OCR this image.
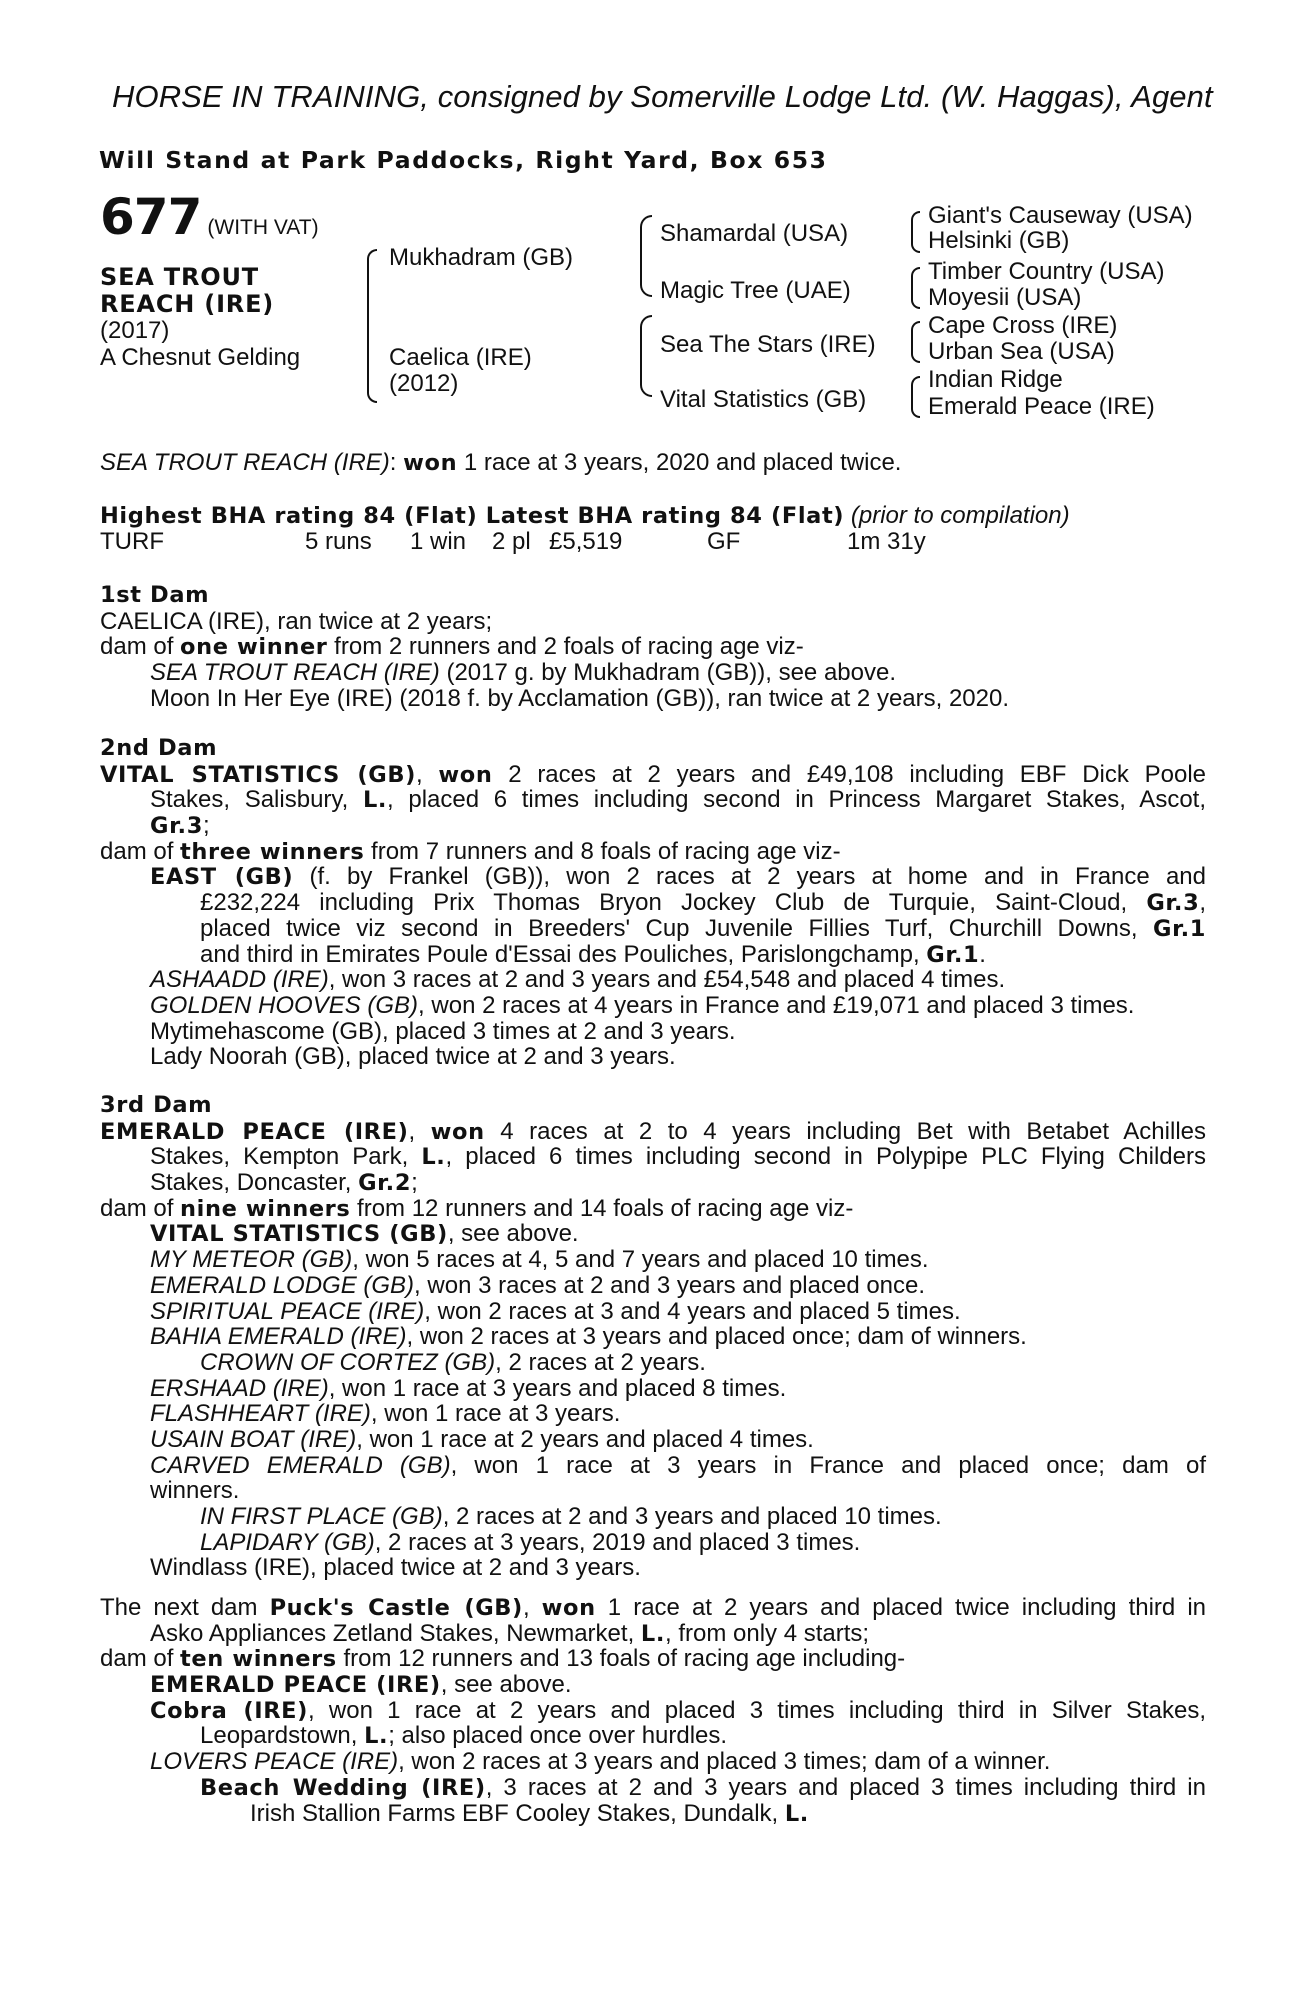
HORSE IN TRAINING, consigned by Somerville Lodge Ltd. (W. Haggas), Agent
Will Stand at Park Paddocks, Right Yard, Box 653
677 (WITH VAT)
SEA TROUT
REACH (IRE)
(2017)
A Chesnut Gelding
Mukhadram (GB)
Caelica (IRE)
(2012)
Shamardal (USA)
Magic Tree (UAE)
Sea The Stars (IRE)
Vital Statistics (GB)
Giant's Causeway (USA)
Helsinki (GB)
Timber Country (USA)
Moyesii (USA)
Cape Cross (IRE)
Urban Sea (USA)
Indian Ridge
Emerald Peace (IRE)
SEA TROUT REACH (IRE): won 1 race at 3 years, 2020 and placed twice.
Highest BHA rating 84 (Flat) Latest BHA rating 84 (Flat) (prior to compilation)
TURF	5 runs 1 win 2 pl £5,519	GF	1m 31y
1st Dam
CAELICA (IRE), ran twice at 2 years;
dam of one winner from 2 runners and 2 foals of racing age viz-
SEA TROUT REACH (IRE) (2017 g. by Mukhadram (GB)), see above.
Moon In Her Eye (IRE) (2018 f. by Acclamation (GB)), ran twice at 2 years, 2020.
2nd Dam
VITAL STATISTICS (GB), won 2 races at 2 years and £49,108 including EBF Dick Poole
Stakes, Salisbury, L., placed 6 times including second in Princess Margaret Stakes, Ascot,
Gr.3;
dam of three winners from 7 runners and 8 foals of racing age viz-
EAST (GB) (f. by Frankel (GB)), won 2 races at 2 years at home and in France and
£232,224 including Prix Thomas Bryon Jockey Club de Turquie, Saint-Cloud, Gr.3,
placed twice viz second in Breeders' Cup Juvenile Fillies Turf, Churchill Downs, Gr.1
and third in Emirates Poule d'Essai des Pouliches, Parislongchamp, Gr.1.
ASHAADD (IRE), won 3 races at 2 and 3 years and £54,548 and placed 4 times.
GOLDEN HOOVES (GB), won 2 races at 4 years in France and £19,071 and placed 3 times.
Mytimehascome (GB), placed 3 times at 2 and 3 years.
Lady Noorah (GB), placed twice at 2 and 3 years.
3rd Dam
EMERALD PEACE (IRE), won 4 races at 2 to 4 years including Bet with Betabet Achilles
Stakes, Kempton Park, L., placed 6 times including second in Polypipe PLC Flying Childers
Stakes, Doncaster, Gr.2;
dam of nine winners from 12 runners and 14 foals of racing age viz-
VITAL STATISTICS (GB), see above.
MY METEOR (GB), won 5 races at 4, 5 and 7 years and placed 10 times.
EMERALD LODGE (GB), won 3 races at 2 and 3 years and placed once.
SPIRITUAL PEACE (IRE), won 2 races at 3 and 4 years and placed 5 times.
BAHIA EMERALD (IRE), won 2 races at 3 years and placed once; dam of winners.
CROWN OF CORTEZ (GB), 2 races at 2 years.
ERSHAAD (IRE), won 1 race at 3 years and placed 8 times.
FLASHHEART (IRE), won 1 race at 3 years.
USAIN BOAT (IRE), won 1 race at 2 years and placed 4 times.
CARVED EMERALD (GB), won 1 race at 3 years in France and placed once; dam of
winners.
IN FIRST PLACE (GB), 2 races at 2 and 3 years and placed 10 times.
LAPIDARY (GB), 2 races at 3 years, 2019 and placed 3 times.
Windlass (IRE), placed twice at 2 and 3 years.
The next dam Puck's Castle (GB), won 1 race at 2 years and placed twice including third in
Asko Appliances Zetland Stakes, Newmarket, L., from only 4 starts;
dam of ten winners from 12 runners and 13 foals of racing age including-
EMERALD PEACE (IRE), see above.
Cobra (IRE), won 1 race at 2 years and placed 3 times including third in Silver Stakes,
Leopardstown, L.; also placed once over hurdles.
LOVERS PEACE (IRE), won 2 races at 3 years and placed 3 times; dam of a winner.
Beach Wedding (IRE), 3 races at 2 and 3 years and placed 3 times including third in
Irish Stallion Farms EBF Cooley Stakes, Dundalk, L.
